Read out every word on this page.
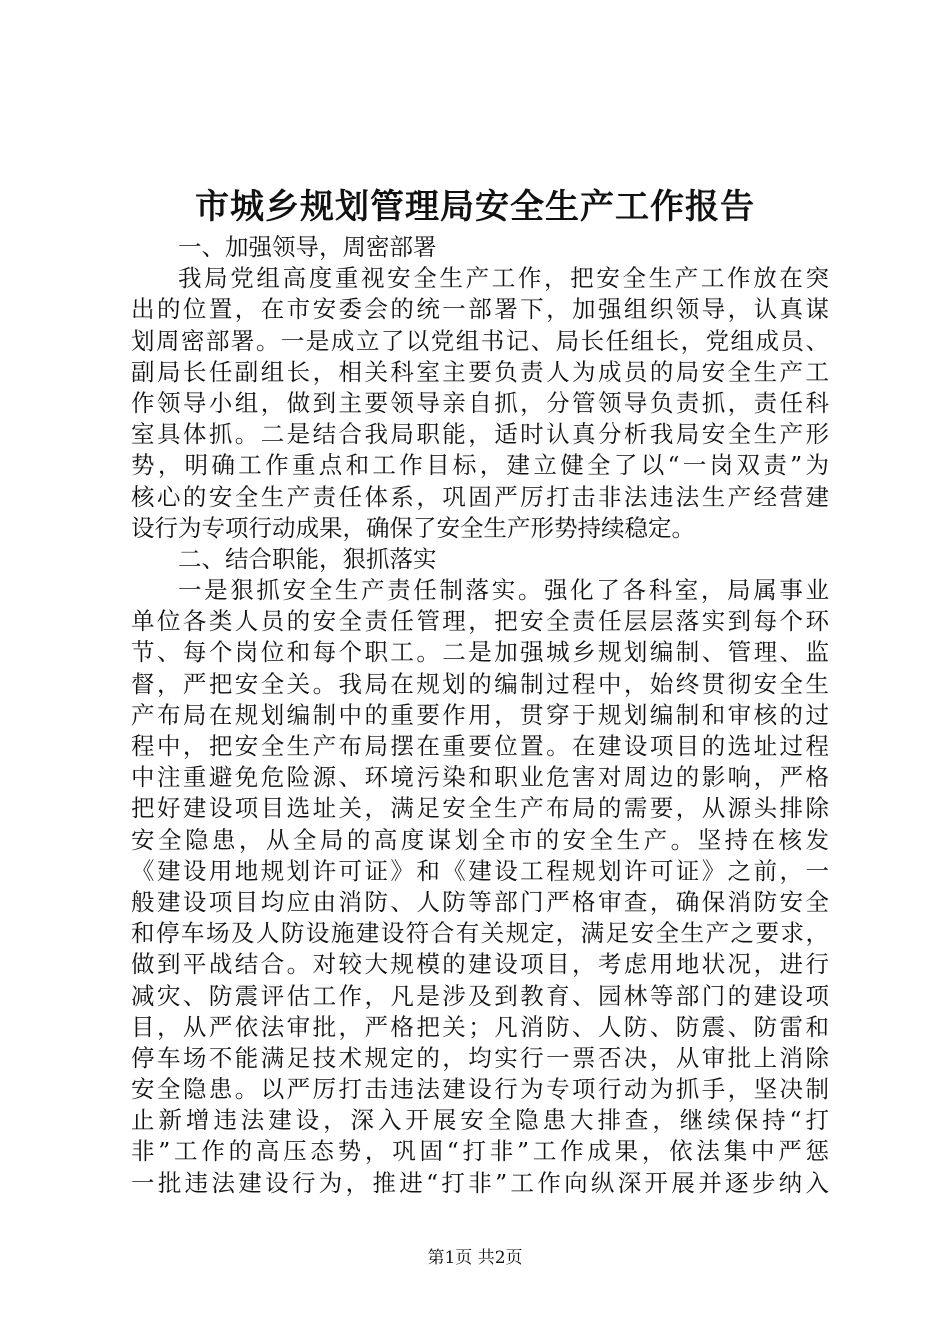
市城乡规划管理局安全生产工作报告

一、加强领导，周密部署

我局党组高度重视安全生产工作，把安全生产工作放在突

出的位置，在市安委会的统一部署下，加强组织领导，认真谋

划周密部署。一是成立了以党组书记、局长任组长，党组成员、

副局长任副组长，相关科室主要负责人为成员的局安全生产工

作领导小组，做到主要领导亲自抓，分管领导负责抓，责任科

室具体抓。二是结合我局职能，适时认真分析我局安全生产形

势，明确工作重点和工作目标，建立健全了以“一岗双责”为

核心的安全生产责任体系，巩固严厉打击非法违法生产经营建

设行为专项行动成果，确保了安全生产形势持续稳定。

二、结合职能，狠抓落实

一是狠抓安全生产责任制落实。强化了各科室，局属事业

单位各类人员的安全责任管理，把安全责任层层落实到每个环

节、每个岗位和每个职工。二是加强城乡规划编制、管理、监

督，严把安全关。我局在规划的编制过程中，始终贯彻安全生

产布局在规划编制中的重要作用，贯穿于规划编制和审核的过

程中，把安全生产布局摆在重要位置。在建设项目的选址过程

中注重避免危险源、环境污染和职业危害对周边的影响，严格

把好建设项目选址关，满足安全生产布局的需要，从源头排除

安全隐患，从全局的高度谋划全市的安全生产。坚持在核发

《建设用地规划许可证》和《建设工程规划许可证》之前，一

般建设项目均应由消防、人防等部门严格审查，确保消防安全

和停车场及人防设施建设符合有关规定，满足安全生产之要求，

做到平战结合。对较大规模的建设项目，考虑用地状况，进行

减灾、防震评估工作，凡是涉及到教育、园林等部门的建设项

目，从严依法审批，严格把关；凡消防、人防、防震、防雷和

停车场不能满足技术规定的，均实行一票否决，从审批上消除

安全隐患。以严厉打击违法建设行为专项行动为抓手，坚决制

止新增违法建设，深入开展安全隐患大排查，继续保持“打

非”工作的高压态势，巩固“打非”工作成果，依法集中严惩

一批违法建设行为，推进“打非”工作向纵深开展并逐步纳入

第1页 共2页
